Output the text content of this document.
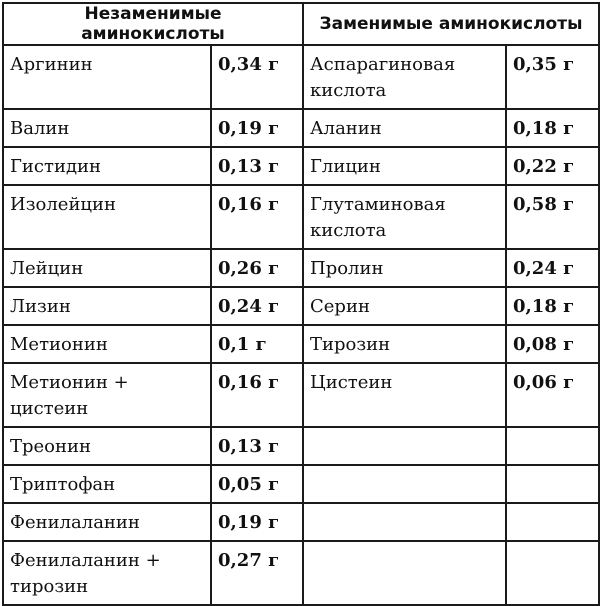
Незаменимые аминокислоты		Заменимые аминокислоты	
Аргинин	0,34 г	Аспарагиновая кислота	0,35 г
Валин	0,19 г	Аланин	0,18 г
Гистидин	0,13 г	Глицин	0,22 г
Изолейцин	0,16 г	Глутаминовая кислота	0,58 г
Лейцин	0,26 г	Пролин	0,24 г
Лизин	0,24 г	Серин	0,18 г
Метионин	0,1 г	Тирозин	0,08 г
Метионин + цистеин	0,16 г	Цистеин	0,06 г
Треонин	0,13 г		
Триптофан	0,05 г		
Фенилаланин	0,19 г		
Фенилаланин + тирозин	0,27 г		
